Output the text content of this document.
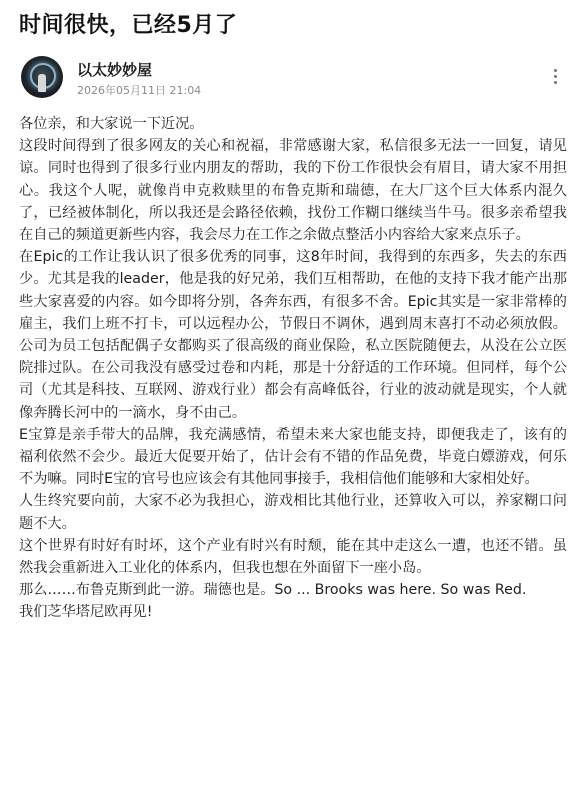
时间很快，已经5月了
以太妙妙屋
2026年05月11日 21:04

各位亲，和大家说一下近况。

这段时间得到了很多网友的关心和祝福，非常感谢大家，私信很多无法一一回复，请见谅。同时也得到了很多行业内朋友的帮助，我的下份工作很快会有眉目，请大家不用担心。我这个人呢，就像肖申克救赎里的布鲁克斯和瑞德，在大厂这个巨大体系内混久了，已经被体制化，所以我还是会路径依赖，找份工作糊口继续当牛马。很多亲希望我在自己的频道更新些内容，我会尽力在工作之余做点整活小内容给大家来点乐子。

在Epic的工作让我认识了很多优秀的同事，这8年时间，我得到的东西多，失去的东西少。尤其是我的leader，他是我的好兄弟，我们互相帮助，在他的支持下我才能产出那些大家喜爱的内容。如今即将分别，各奔东西，有很多不舍。Epic其实是一家非常棒的雇主，我们上班不打卡，可以远程办公，节假日不调休，遇到周末喜打不动必须放假。公司为员工包括配偶子女都购买了很高级的商业保险，私立医院随便去，从没在公立医院排过队。在公司我没有感受过卷和内耗，那是十分舒适的工作环境。但同样，每个公司（尤其是科技、互联网、游戏行业）都会有高峰低谷，行业的波动就是现实，个人就像奔腾长河中的一滴水，身不由己。

E宝算是亲手带大的品牌，我充满感情，希望未来大家也能支持，即便我走了，该有的福利依然不会少。最近大促要开始了，估计会有不错的作品免费，毕竟白嫖游戏，何乐不为嘛。同时E宝的官号也应该会有其他同事接手，我相信他们能够和大家相处好。

人生终究要向前，大家不必为我担心，游戏相比其他行业，还算收入可以，养家糊口问题不大。

这个世界有时好有时坏，这个产业有时兴有时颓，能在其中走这么一遭，也还不错。虽然我会重新进入工业化的体系内，但我也想在外面留下一座小岛。

那么……布鲁克斯到此一游。瑞德也是。So ... Brooks was here. So was Red.

我们芝华塔尼欧再见!
